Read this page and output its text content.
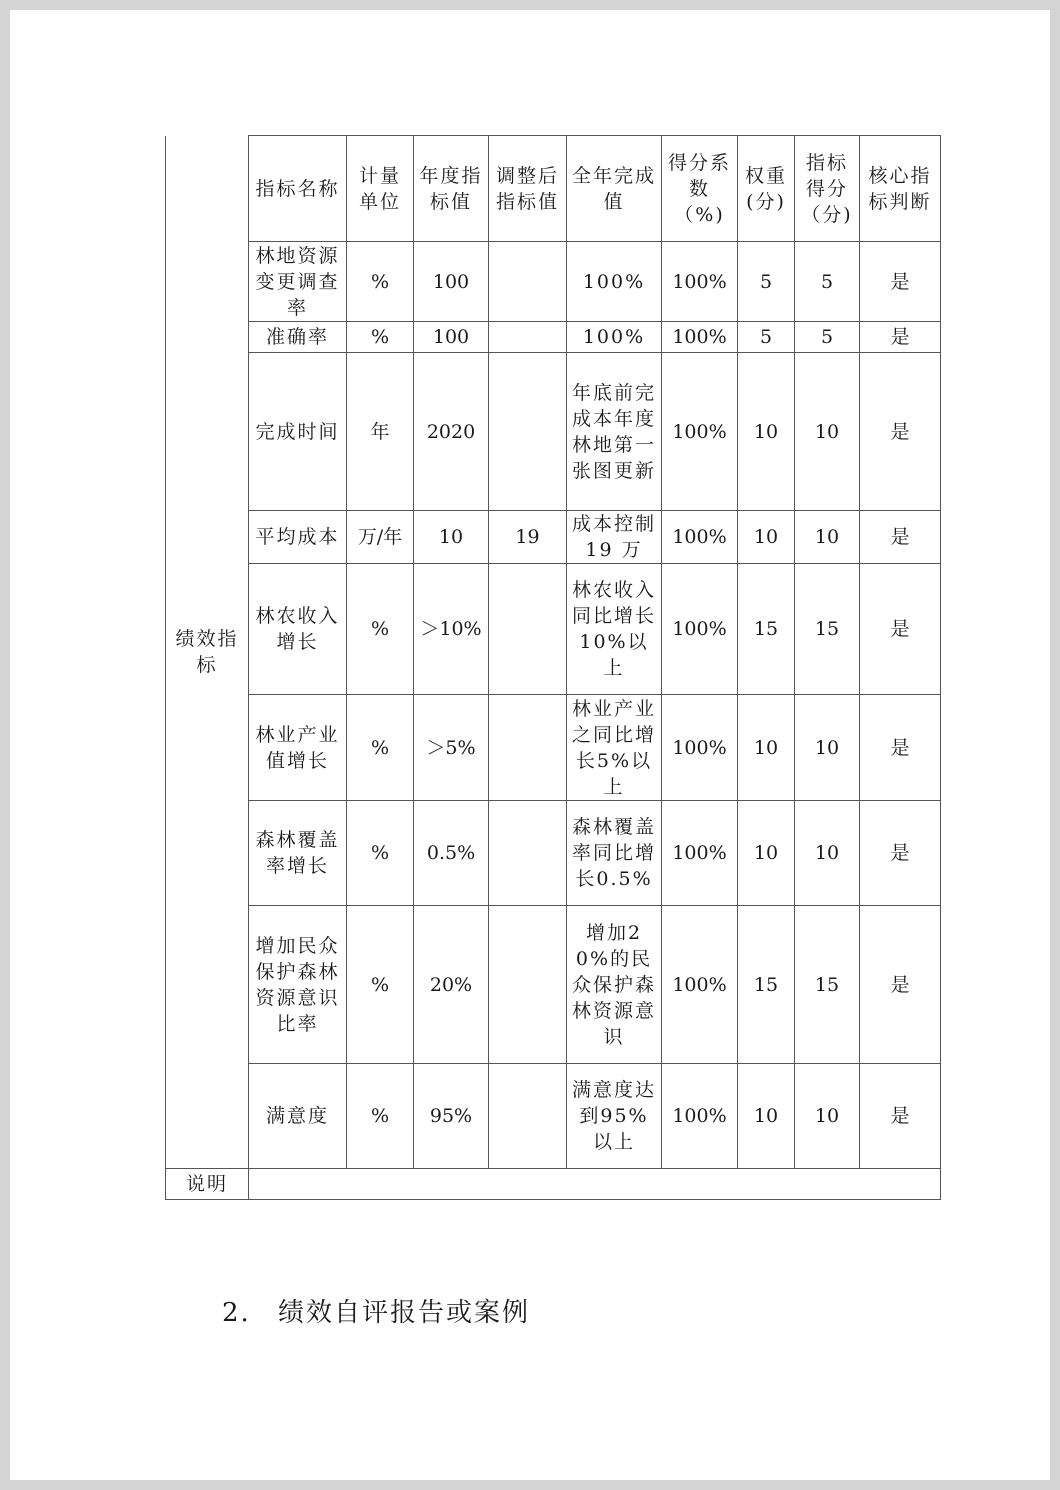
绩效指标	指标名称	计量单位	年度指标值	调整后指标值	全年完成值	得分系数（%)	权重(分)	指标得分（分)	核心指标判断
	林地资源变更调查率	%	100		100%	100%	5	5	是
	准确率	%	100		100%	100%	5	5	是
	完成时间	年	2020		年底前完成本年度林地第一张图更新	100%	10	10	是
	平均成本	万/年	10	19	成本控制 19 万	100%	10	10	是
	林农收入增长	%	＞10%		林农收入同比增长10%以上	100%	15	15	是
	林业产业值增长	%	＞5%		林业产业之同比增长5%以上	100%	10	10	是
	森林覆盖率增长	%	0.5%		森林覆盖率同比增长0.5%	100%	10	10	是
	增加民众保护森林资源意识比率	%	20%		增加20%的民众保护森林资源意识	100%	15	15	是
	满意度	%	95%		满意度达到95%以上	100%	10	10	是
说明									
2. 绩效自评报告或案例
